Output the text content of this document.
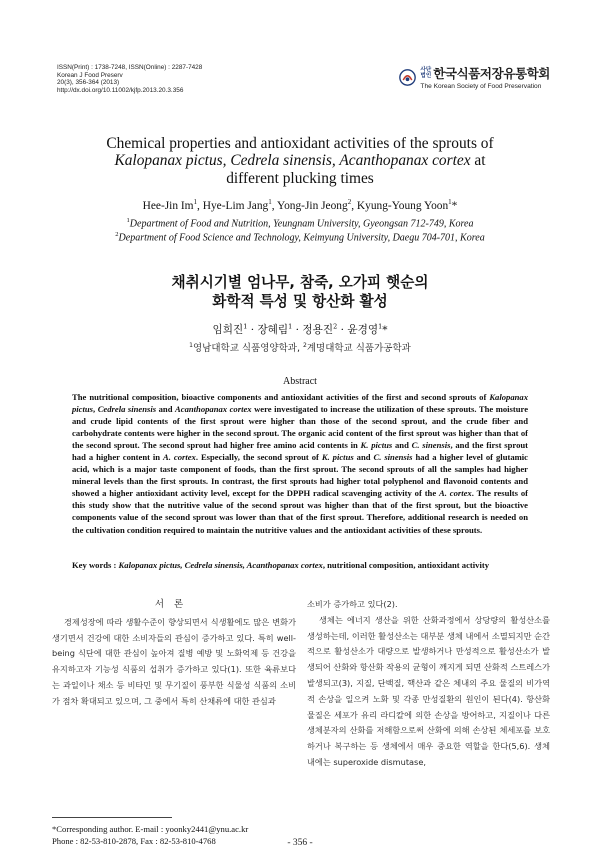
ISSN(Print) : 1738-7248, ISSN(Online) : 2287-7428
Korean J Food Preserv
20(3), 356-364 (2013)
http://dx.doi.org/10.11002/kjfp.2013.20.3.356
사단
법인 한국식품저장유통학회
The Korean Society of Food Preservation
Chemical properties and antioxidant activities of the sprouts of
Kalopanax pictus, Cedrela sinensis, Acanthopanax cortex at
different plucking times
Hee-Jin Im$^1$, Hye-Lim Jang$^1$, Yong-Jin Jeong$^2$, Kyung-Young Yoon$^1$*
$^1$Department of Food and Nutrition, Yeungnam University, Gyeongsan 712-749, Korea
$^2$Department of Food Science and Technology, Keimyung University, Daegu 704-701, Korea
채취시기별 엄나무, 참죽, 오가피 햇순의
화학적 특성 및 항산화 활성
임희진$^1$ · 장혜림$^1$ · 정용진$^2$ · 윤경영$^1$*
$^1$영남대학교 식품영양학과, $^2$계명대학교 식품가공학과
Abstract
The nutritional composition, bioactive components and antioxidant activities of the first and second sprouts of Kalopanax pictus, Cedrela sinensis and Acanthopanax cortex were investigated to increase the utilization of these sprouts. The moisture and crude lipid contents of the first sprout were higher than those of the second sprout, and the crude fiber and carbohydrate contents were higher in the second sprout. The organic acid content of the first sprout was higher than that of the second sprout. The second sprout had higher free amino acid contents in K. pictus and C. sinensis, and the first sprout had a higher content in A. cortex. Especially, the second sprout of K. pictus and C. sinensis had a higher level of glutamic acid, which is a major taste component of foods, than the first sprout. The second sprouts of all the samples had higher mineral levels than the first sprouts. In contrast, the first sprouts had higher total polyphenol and flavonoid contents and showed a higher antioxidant activity level, except for the DPPH radical scavenging activity of the A. cortex. The results of this study show that the nutritive value of the second sprout was higher than that of the first sprout, but the bioactive components value of the second sprout was lower than that of the first sprout. Therefore, additional research is needed on the cultivation condition required to maintain the nutritive values and the antioxidant activities of these sprouts.
Key words : Kalopanax pictus, Cedrela sinensis, Acanthopanax cortex, nutritional composition, antioxidant activity
서론
경제성장에 따라 생활수준이 향상되면서 식생활에도 많은 변화가 생기면서 건강에 대한 소비자들의 관심이 증가하고 있다. 특히 well-being 식단에 대한 관심이 높아져 질병 예방 및 노화억제 등 건강을 유지하고자 기능성 식품의 섭취가 증가하고 있다(1). 또한 육류보다는 과일이나 채소 등 비타민 및 무기질이 풍부한 식물성 식품의 소비가 점차 확대되고 있으며, 그 중에서 특히 산채류에 대한 관심과
소비가 증가하고 있다(2).
생체는 에너지 생산을 위한 산화과정에서 상당량의 활성산소를 생성하는데, 이러한 활성산소는 대부분 생체 내에서 소멸되지만 순간적으로 활성산소가 대량으로 발생하거나 만성적으로 활성산소가 발생되어 산화와 항산화 작용의 균형이 깨지게 되면 산화적 스트레스가 발생되고(3), 지질, 단백질, 핵산과 같은 체내의 주요 물질의 비가역적 손상을 일으켜 노화 및 각종 만성질환의 원인이 된다(4). 항산화 물질은 세포가 유리 라디칼에 의한 손상을 방어하고, 지질이나 다른 생체분자의 산화를 저해함으로써 산화에 의해 손상된 체세포를 보호하거나 복구하는 등 생체에서 매우 중요한 역할을 한다(5,6). 생체 내에는 superoxide dismutase,
*Corresponding author. E-mail : yoonky2441@ynu.ac.kr
Phone : 82-53-810-2878, Fax : 82-53-810-4768	- 356 -
